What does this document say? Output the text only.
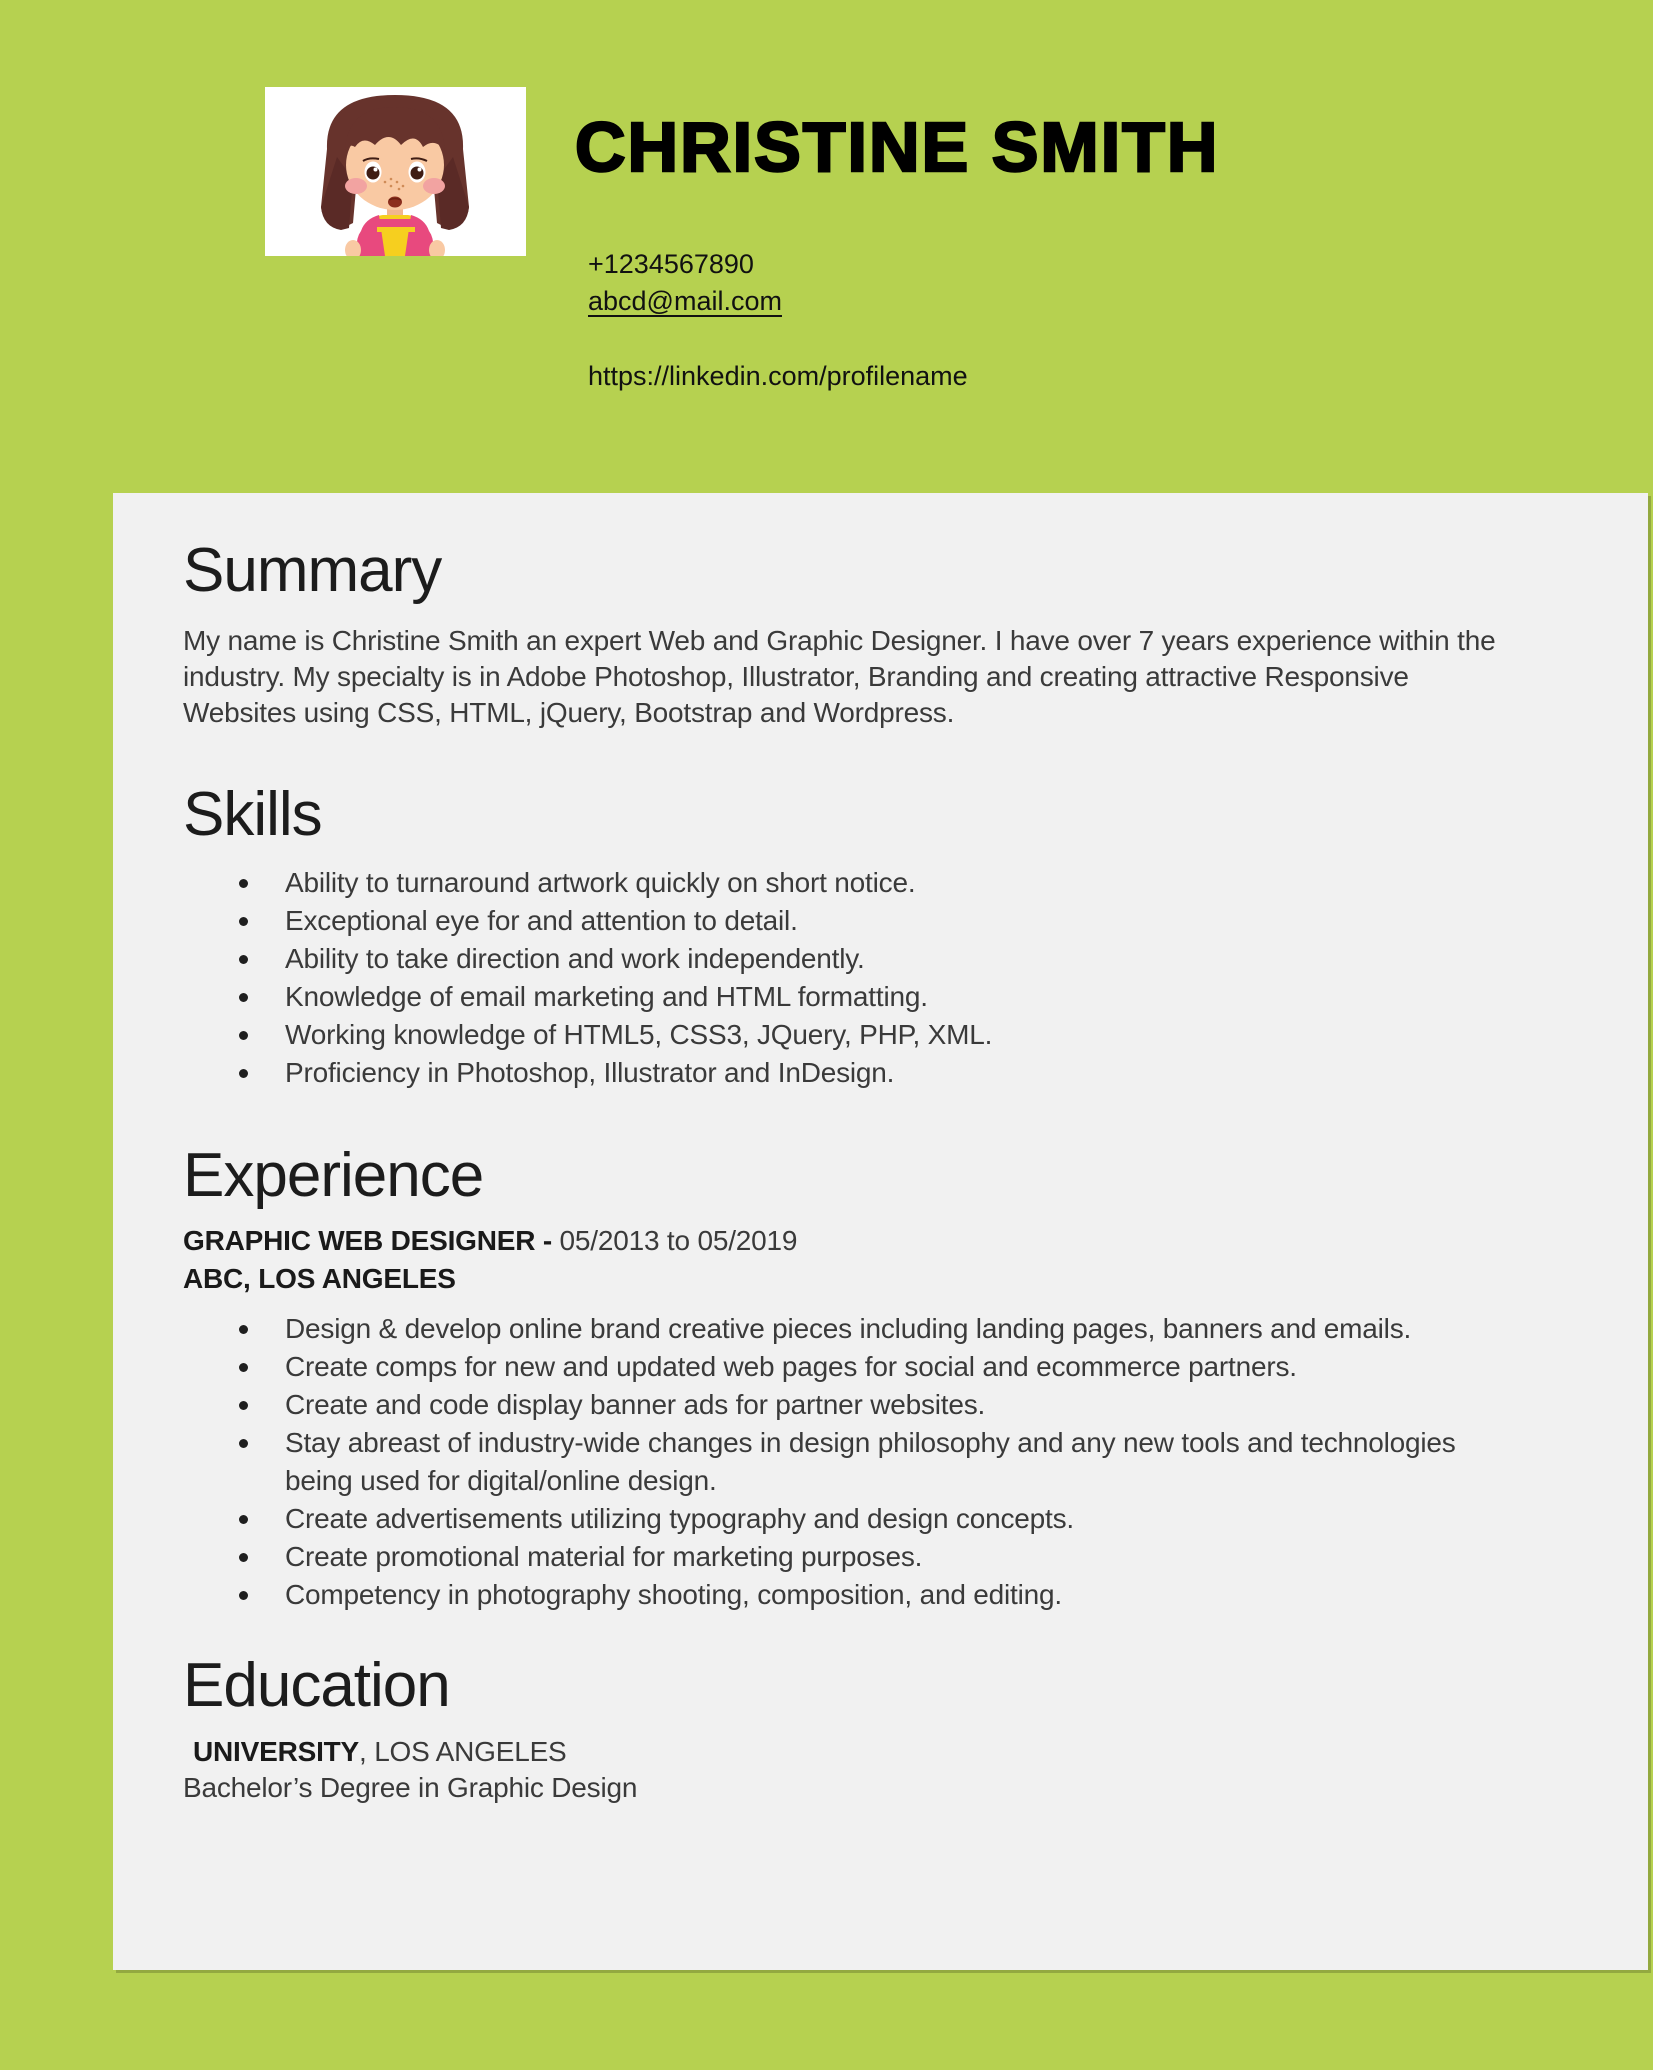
CHRISTINE SMITH
+1234567890
abcd@mail.com
https://linkedin.com/profilename
Summary

My name is Christine Smith an expert Web and Graphic Designer. I have over 7 years experience within the industry. My specialty is in Adobe Photoshop, Illustrator, Branding and creating attractive Responsive Websites using CSS, HTML, jQuery, Bootstrap and Wordpress.

Skills
Ability to turnaround artwork quickly on short notice.
Exceptional eye for and attention to detail.
Ability to take direction and work independently.
Knowledge of email marketing and HTML formatting.
Working knowledge of HTML5, CSS3, JQuery, PHP, XML.
Proficiency in Photoshop, Illustrator and InDesign.
Experience
GRAPHIC WEB DESIGNER - 05/2013 to 05/2019
ABC, LOS ANGELES
Design & develop online brand creative pieces including landing pages, banners and emails.
Create comps for new and updated web pages for social and ecommerce partners.
Create and code display banner ads for partner websites.
Stay abreast of industry-wide changes in design philosophy and any new tools and technologies being used for digital/online design.
Create advertisements utilizing typography and design concepts.
Create promotional material for marketing purposes.
Competency in photography shooting, composition, and editing.
Education
UNIVERSITY, LOS ANGELES
Bachelor’s Degree in Graphic Design
